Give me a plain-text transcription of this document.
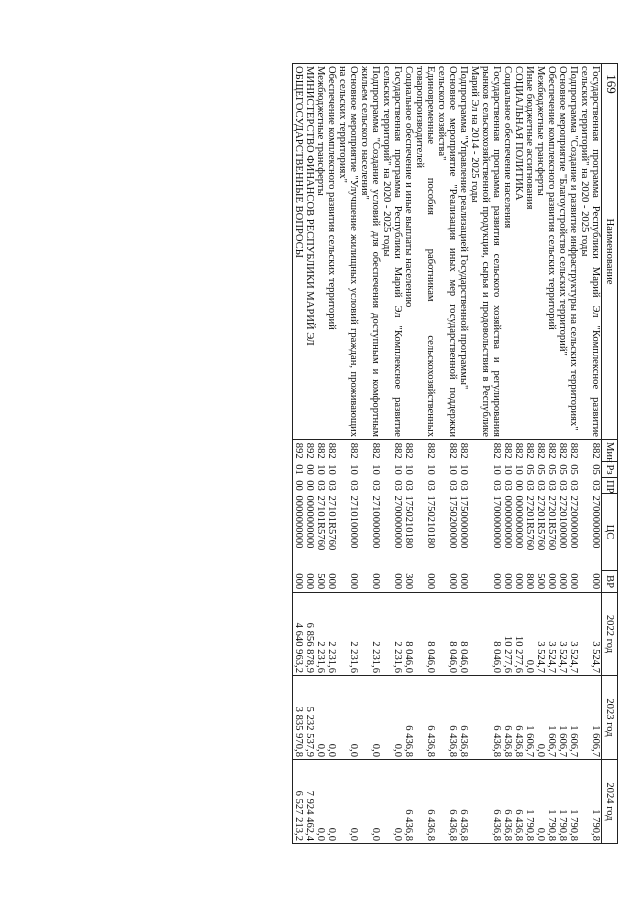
169
Наименование	Мин	Рз	ПР	ЦС	ВР	2022 год	2023 год	2024 год
Государственная программа Республики Марий Эл "Комплексное развитие сельских территорий" на 2020 - 2025 годы	882	05	03	2700000000	000	3 524,7	1 606,7	1 790,8
Подпрограмма "Создание и развитие инфраструктуры на сельских территориях"	882	05	03	2720000000	000	3 524,7	1 606,7	1 790,8
Основное мероприятие "Благоустройство сельских территорий"	882	05	03	2720100000	000	3 524,7	1 606,7	1 790,8
Обеспечение комплексного развития сельских территорий	882	05	03	27201R5760	000	3 524,7	1 606,7	1 790,8
Межбюджетные трансферты	882	05	03	27201R5760	500	3 524,7	0,0	0,0
Иные бюджетные ассигнования	882	05	03	27201R5760	800	0,0	1 606,7	1 790,8
СОЦИАЛЬНАЯ ПОЛИТИКА	882	10	00	0000000000	000	10 277,6	6 436,8	6 436,8
Социальное обеспечение населения	882	10	03	0000000000	000	10 277,6	6 436,8	6 436,8
Государственная программа развития сельского хозяйства и регулирования рынков сельскохозяйственной продукции, сырья и продовольствия в Республике Марий Эл на 2014 - 2025 годы	882	10	03	1700000000	000	8 046,0	6 436,8	6 436,8
Подпрограмма "Управление реализацией Государственной программы"	882	10	03	1750000000	000	8 046,0	6 436,8	6 436,8
Основное мероприятие "Реализация иных мер государственной поддержки сельского хозяйства"	882	10	03	1750200000	000	8 046,0	6 436,8	6 436,8
Единовременные пособия работникам сельскохозяйственных товаропроизводителей	882	10	03	1750210180	000	8 046,0	6 436,8	6 436,8
Социальное обеспечение и иные выплаты населению	882	10	03	1750210180	300	8 046,0	6 436,8	6 436,8
Государственная программа Республики Марий Эл "Комплексное развитие сельских территорий" на 2020 - 2025 годы	882	10	03	2700000000	000	2 231,6	0,0	0,0
Подпрограмма "Создание условий для обеспечения доступным и комфортным жильем сельского населения"	882	10	03	2710000000	000	2 231,6	0,0	0,0
Основное мероприятие "Улучшение жилищных условий граждан, проживающих на сельских территориях"	882	10	03	2710100000	000	2 231,6	0,0	0,0
Обеспечение комплексного развития сельских территорий	882	10	03	27101R5760	000	2 231,6	0,0	0,0
Межбюджетные трансферты	882	10	03	27101R5760	500	2 231,6	0,0	0,0
МИНИСТЕРСТВО ФИНАНСОВ РЕСПУБЛИКИ МАРИЙ ЭЛ	892	00	00	0000000000	000	6 856 878,9	5 232 537,9	7 924 462,4
ОБЩЕГОСУДАРСТВЕННЫЕ ВОПРОСЫ	892	01	00	0000000000	000	4 640 963,2	3 835 970,8	6 527 213,2
